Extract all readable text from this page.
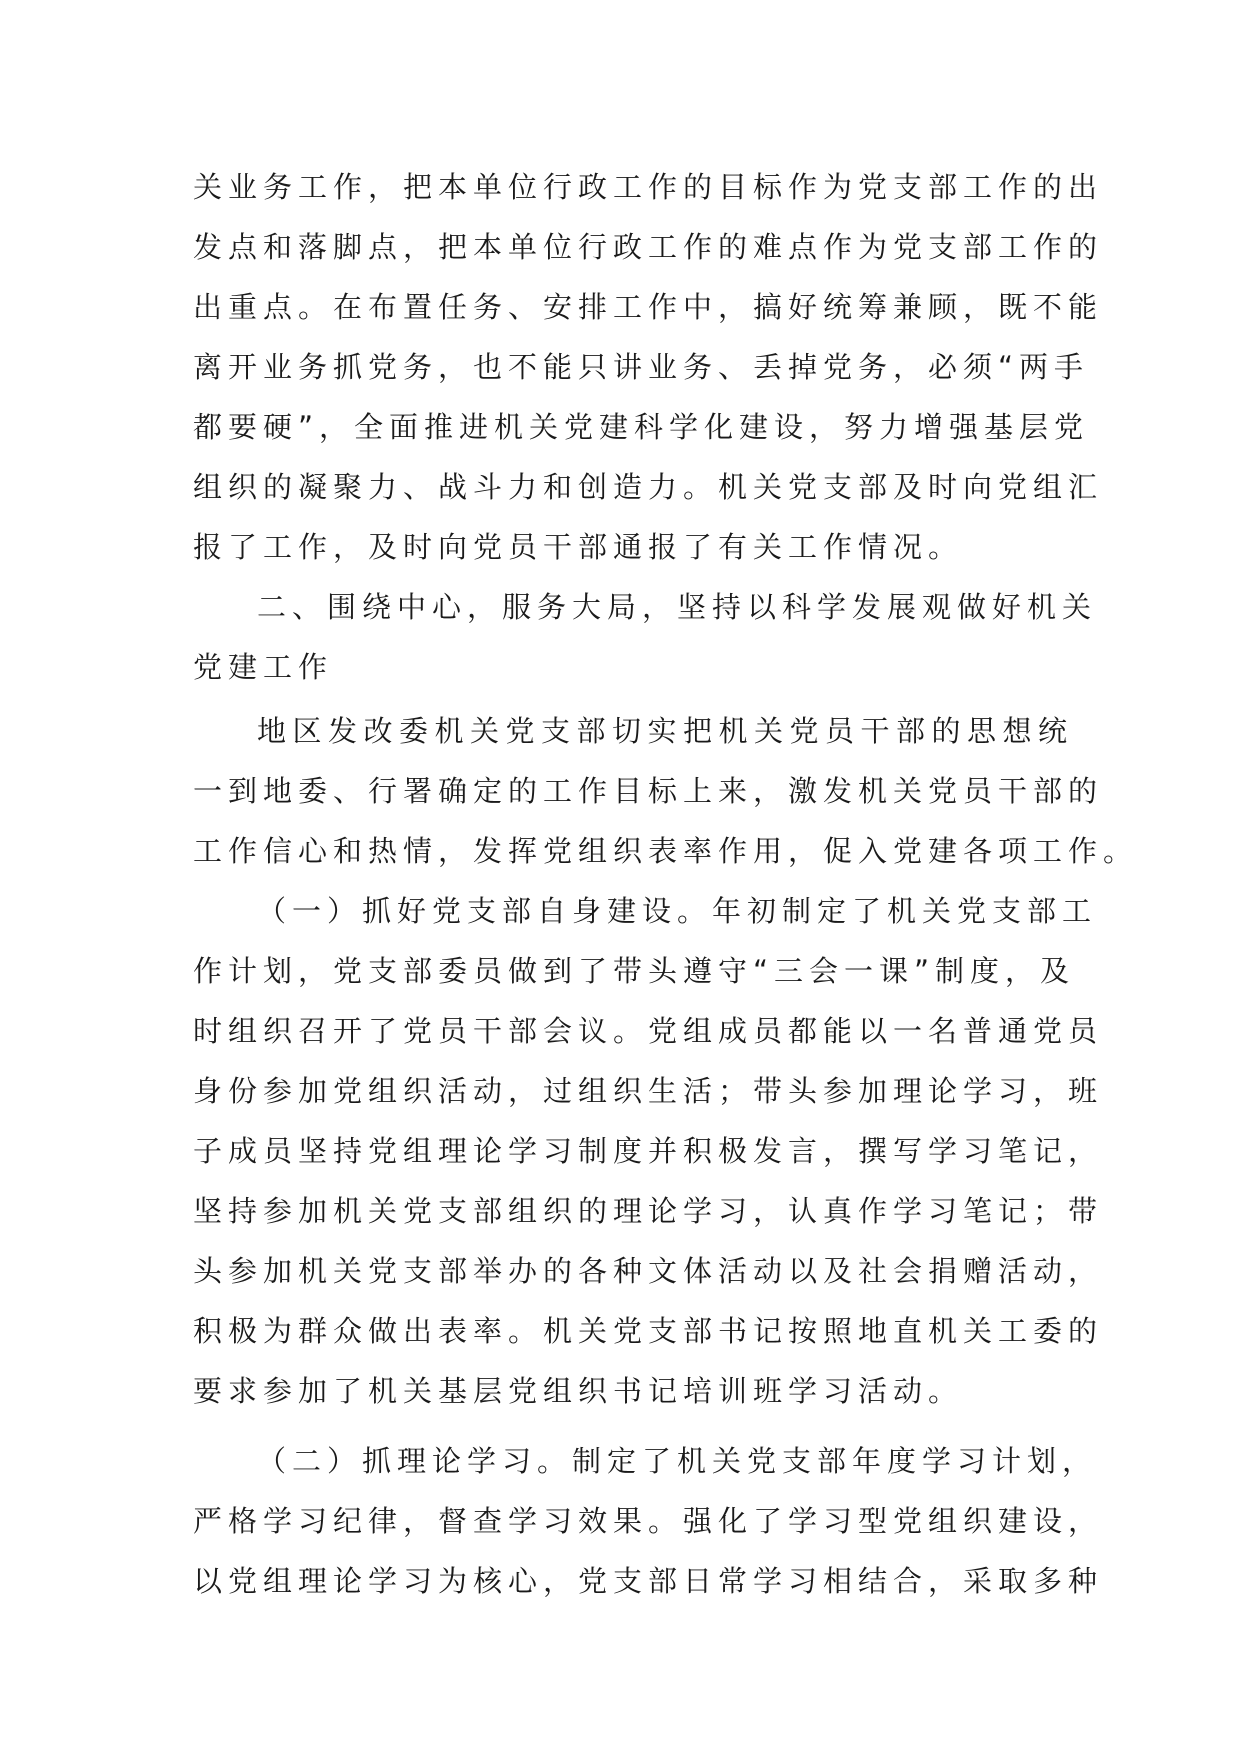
关业务工作，把本单位行政工作的目标作为党支部工作的出
发点和落脚点，把本单位行政工作的难点作为党支部工作的
出重点。在布置任务、安排工作中，搞好统筹兼顾，既不能
离开业务抓党务，也不能只讲业务、丢掉党务，必须“两手
都要硬”，全面推进机关党建科学化建设，努力增强基层党
组织的凝聚力、战斗力和创造力。机关党支部及时向党组汇
报了工作，及时向党员干部通报了有关工作情况。
二、围绕中心，服务大局，坚持以科学发展观做好机关
党建工作
地区发改委机关党支部切实把机关党员干部的思想统
一到地委、行署确定的工作目标上来，激发机关党员干部的
工作信心和热情，发挥党组织表率作用，促入党建各项工作。
（一）抓好党支部自身建设。年初制定了机关党支部工
作计划，党支部委员做到了带头遵守“三会一课”制度，及
时组织召开了党员干部会议。党组成员都能以一名普通党员
身份参加党组织活动，过组织生活；带头参加理论学习，班
子成员坚持党组理论学习制度并积极发言，撰写学习笔记，
坚持参加机关党支部组织的理论学习，认真作学习笔记；带
头参加机关党支部举办的各种文体活动以及社会捐赠活动，
积极为群众做出表率。机关党支部书记按照地直机关工委的
要求参加了机关基层党组织书记培训班学习活动。
（二）抓理论学习。制定了机关党支部年度学习计划，
严格学习纪律，督查学习效果。强化了学习型党组织建设，
以党组理论学习为核心，党支部日常学习相结合，采取多种
